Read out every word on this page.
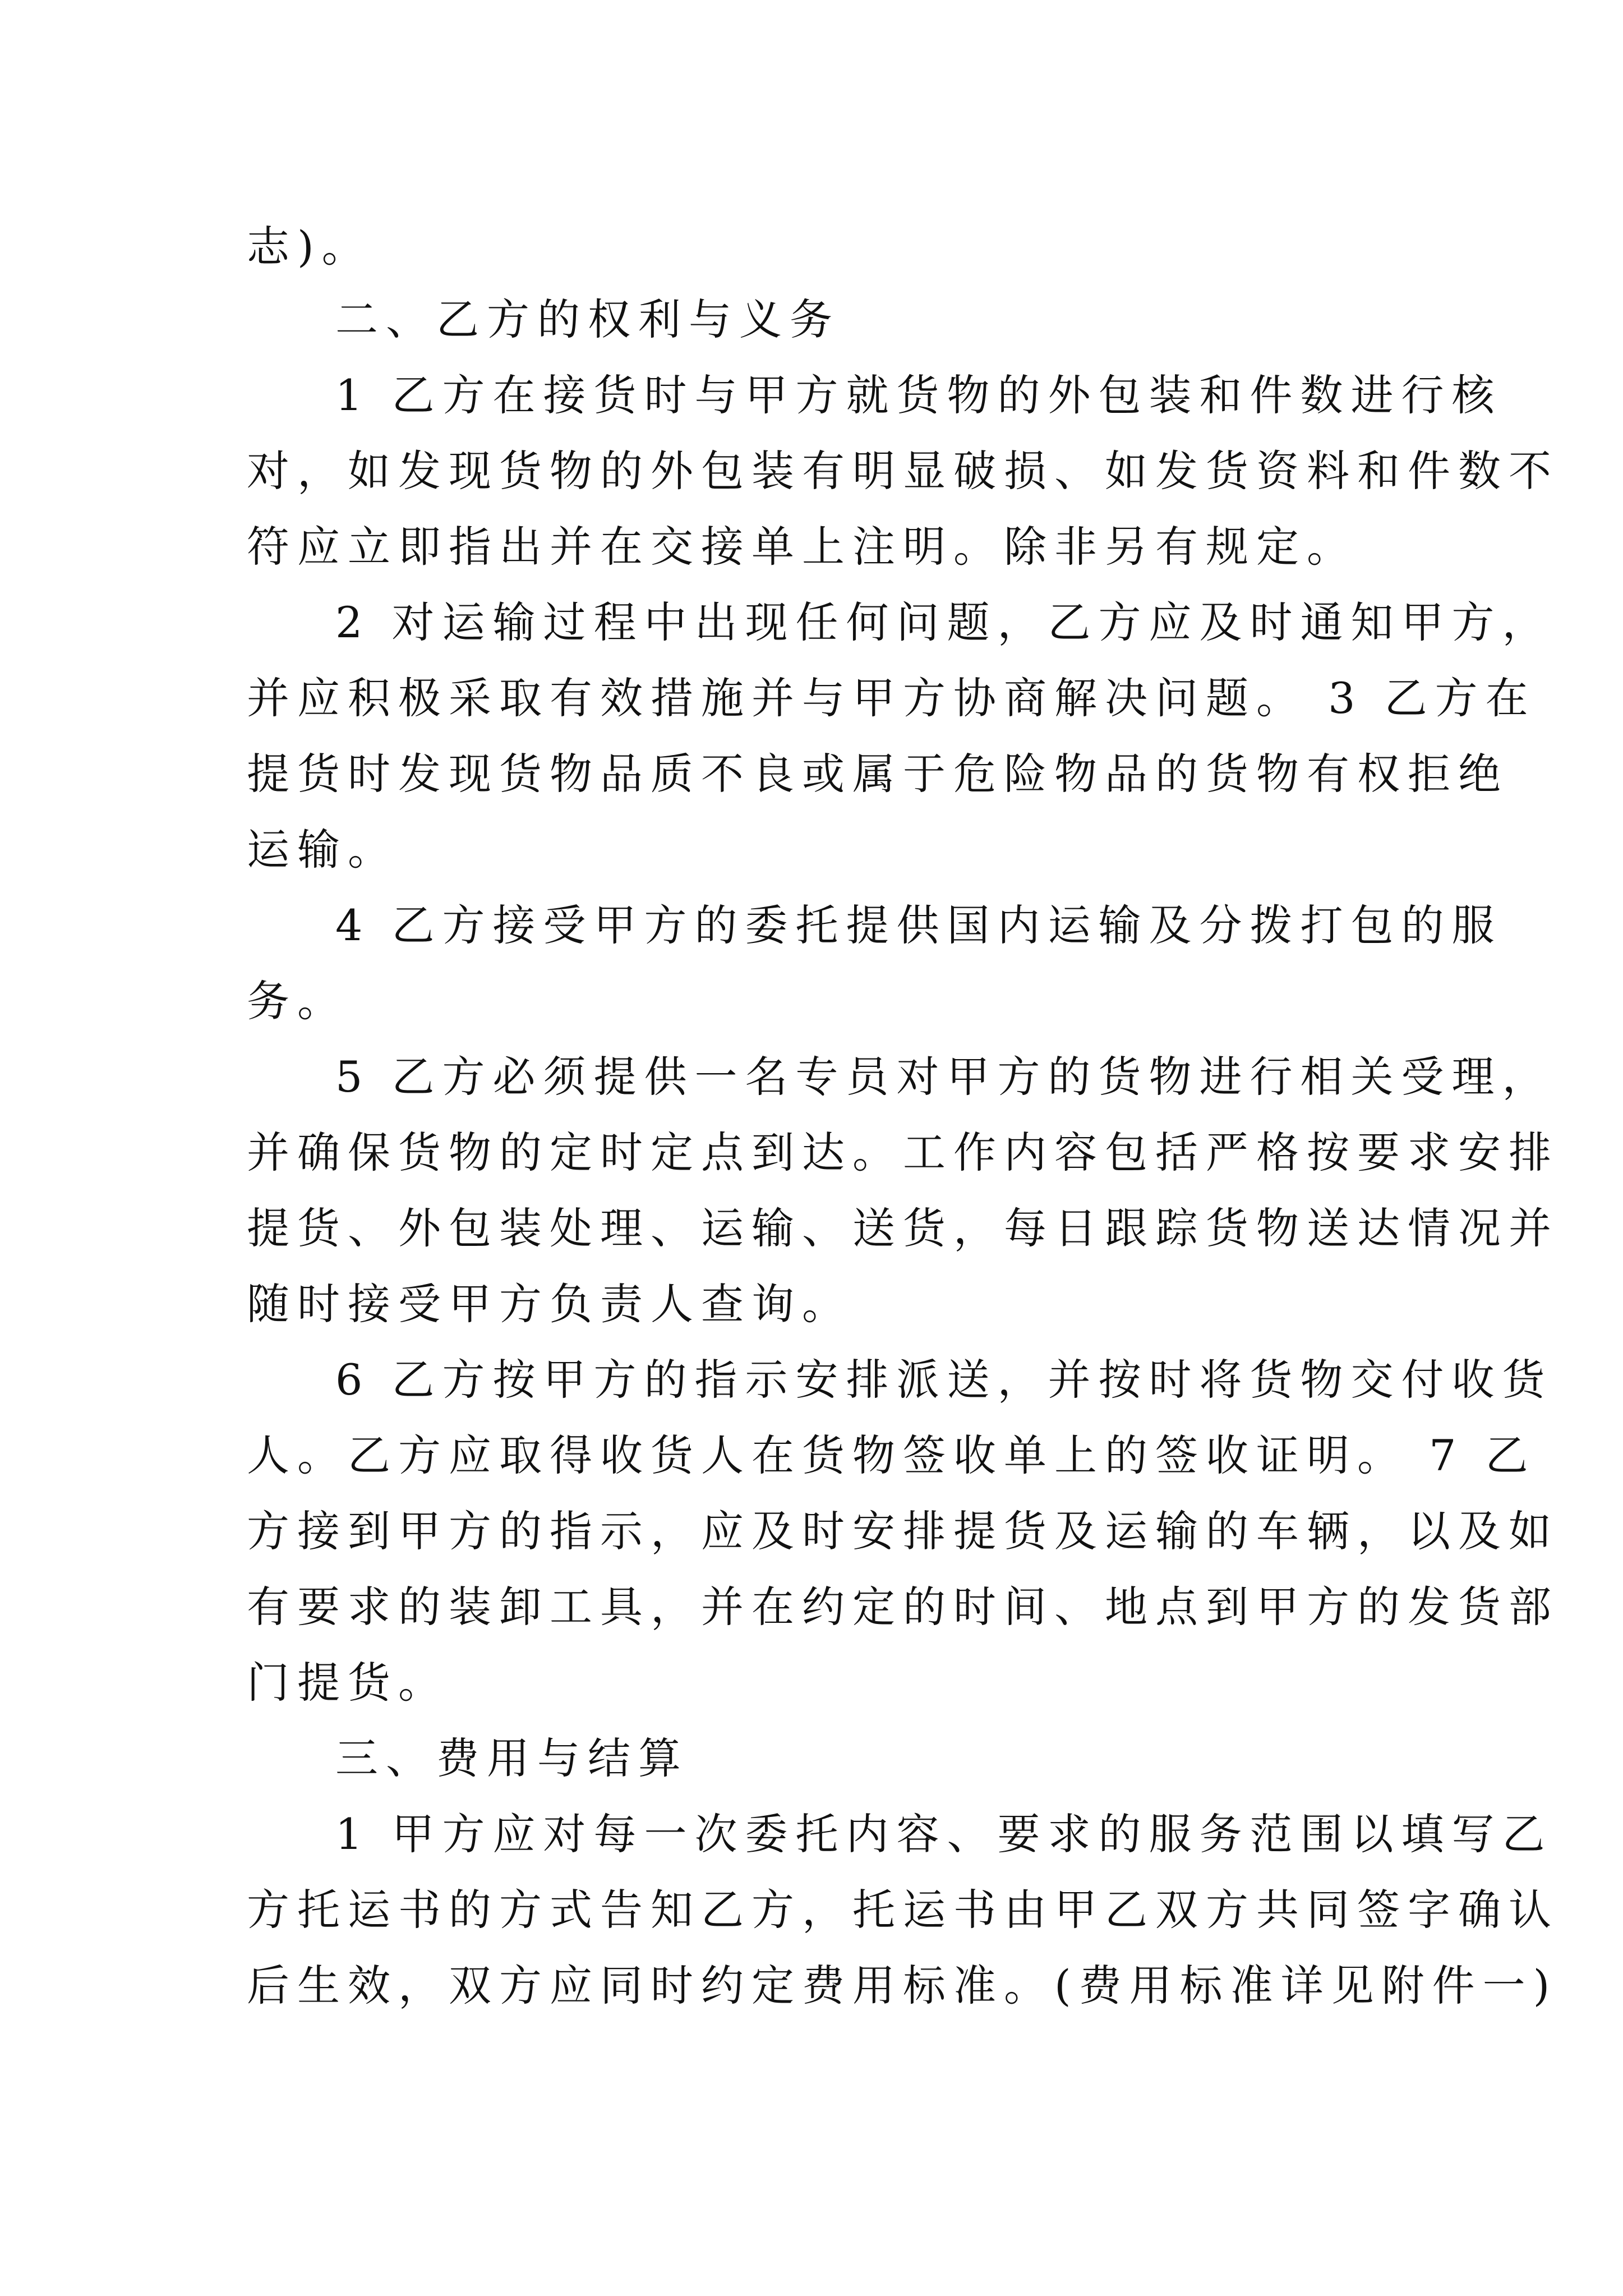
志)。
二、乙方的权利与义务
1 乙方在接货时与甲方就货物的外包装和件数进行核
对，如发现货物的外包装有明显破损、如发货资料和件数不
符应立即指出并在交接单上注明。除非另有规定。
2 对运输过程中出现任何问题，乙方应及时通知甲方，
并应积极采取有效措施并与甲方协商解决问题。 3 乙方在
提货时发现货物品质不良或属于危险物品的货物有权拒绝
运输。
4 乙方接受甲方的委托提供国内运输及分拨打包的服
务。
5 乙方必须提供一名专员对甲方的货物进行相关受理，
并确保货物的定时定点到达。工作内容包括严格按要求安排
提货、外包装处理、运输、送货，每日跟踪货物送达情况并
随时接受甲方负责人查询。
6 乙方按甲方的指示安排派送，并按时将货物交付收货
人。乙方应取得收货人在货物签收单上的签收证明。 7 乙
方接到甲方的指示，应及时安排提货及运输的车辆，以及如
有要求的装卸工具，并在约定的时间、地点到甲方的发货部
门提货。
三、费用与结算
1 甲方应对每一次委托内容、要求的服务范围以填写乙
方托运书的方式告知乙方，托运书由甲乙双方共同签字确认
后生效，双方应同时约定费用标准。(费用标准详见附件一)
